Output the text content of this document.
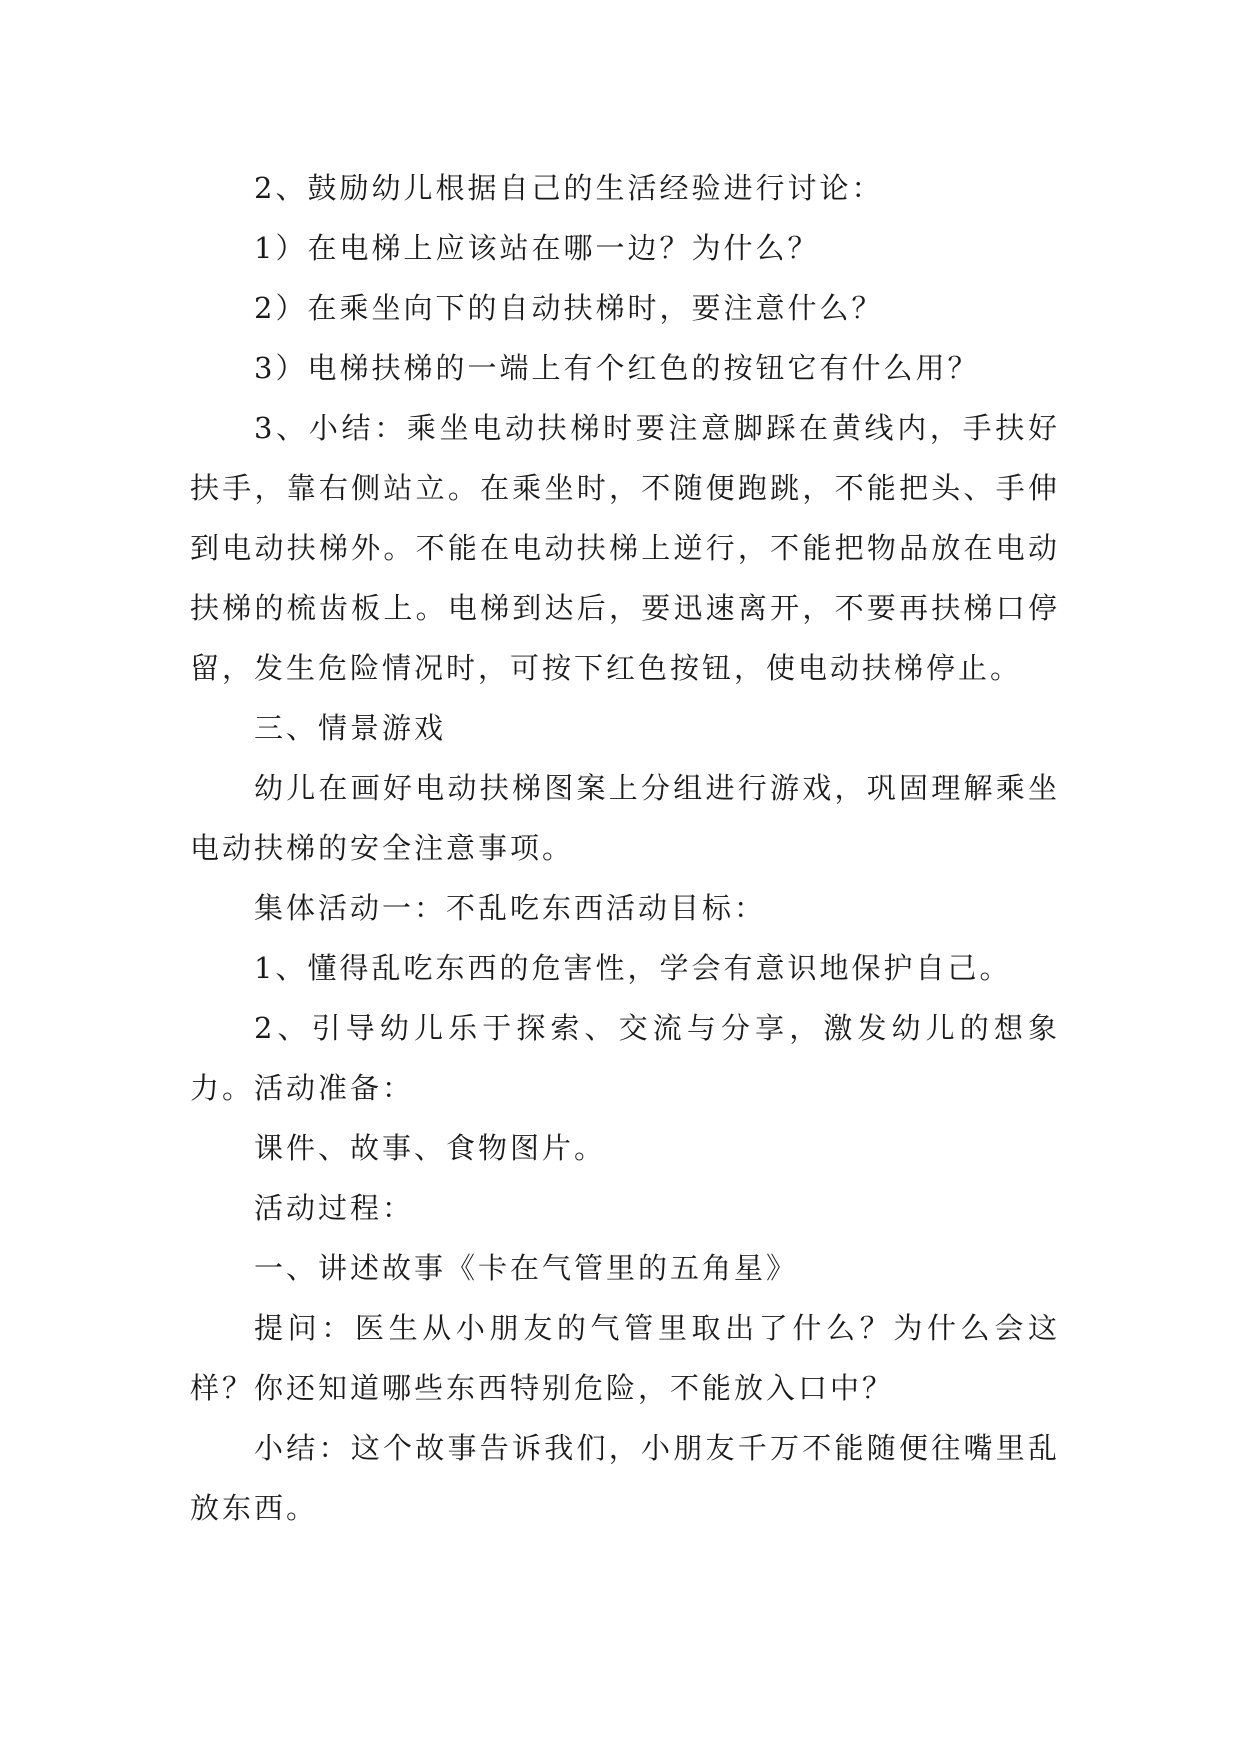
2、鼓励幼儿根据自己的生活经验进行讨论：

1）在电梯上应该站在哪一边？为什么？

2）在乘坐向下的自动扶梯时，要注意什么？

3）电梯扶梯的一端上有个红色的按钮它有什么用？

3、小结：乘坐电动扶梯时要注意脚踩在黄线内，手扶好扶手，靠右侧站立。在乘坐时，不随便跑跳，不能把头、手伸到电动扶梯外。不能在电动扶梯上逆行，不能把物品放在电动扶梯的梳齿板上。电梯到达后，要迅速离开，不要再扶梯口停留，发生危险情况时，可按下红色按钮，使电动扶梯停止。

三、情景游戏

幼儿在画好电动扶梯图案上分组进行游戏，巩固理解乘坐电动扶梯的安全注意事项。

集体活动一：不乱吃东西活动目标：

1、懂得乱吃东西的危害性，学会有意识地保护自己。

2、引导幼儿乐于探索、交流与分享，激发幼儿的想象力。活动准备：

课件、故事、食物图片。

活动过程：

一、讲述故事《卡在气管里的五角星》

提问：医生从小朋友的气管里取出了什么？为什么会这样？你还知道哪些东西特别危险，不能放入口中？

小结：这个故事告诉我们，小朋友千万不能随便往嘴里乱放东西。
